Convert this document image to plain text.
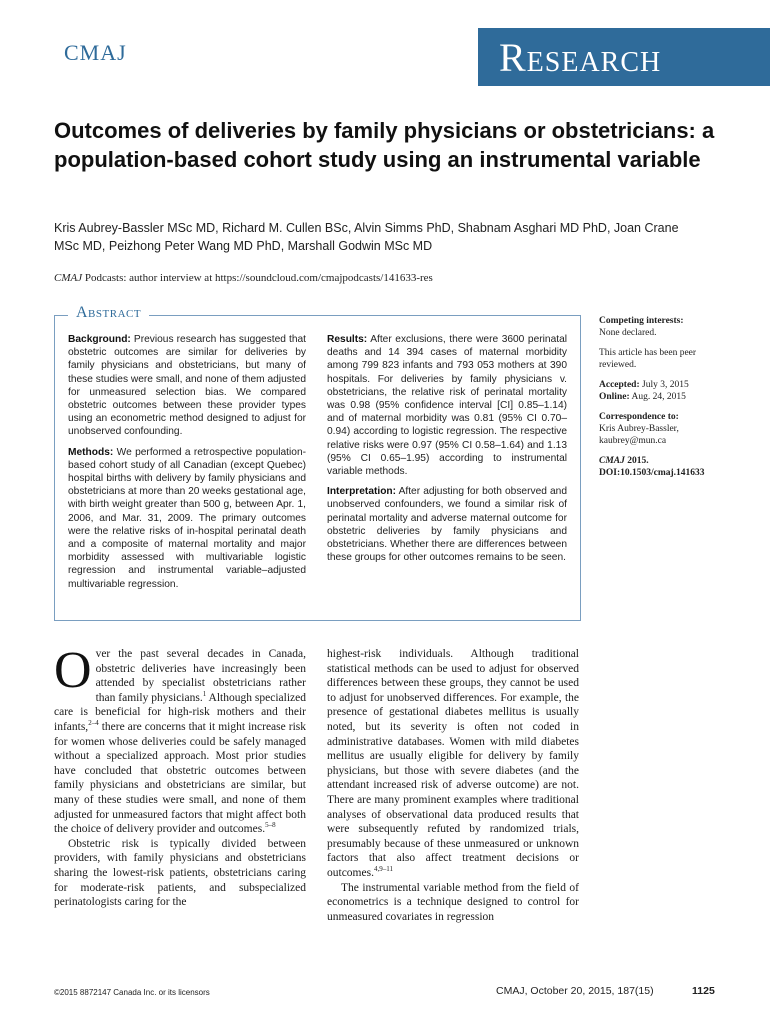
CMAJ	Research
Outcomes of deliveries by family physicians or obstetricians: a population-based cohort study using an instrumental variable

Kris Aubrey-Bassler MSc MD, Richard M. Cullen BSc, Alvin Simms PhD, Shabnam Asghari MD PhD, Joan Crane MSc MD, Peizhong Peter Wang MD PhD, Marshall Godwin MSc MD

CMAJ Podcasts: author interview at https://soundcloud.com/cmajpodcasts/141633-res
Abstract

Background: Previous research has suggested that obstetric outcomes are similar for deliveries by family physicians and obstetricians, but many of these studies were small, and none of them adjusted for unmeasured selection bias. We compared obstetric outcomes between these provider types using an econometric method designed to adjust for unobserved confounding.

Methods: We performed a retrospective population-based cohort study of all Canadian (except Quebec) hospital births with delivery by family physicians and obstetricians at more than 20 weeks gestational age, with birth weight greater than 500 g, between Apr. 1, 2006, and Mar. 31, 2009. The primary outcomes were the relative risks of in-hospital perinatal death and a composite of maternal mortality and major morbidity assessed with multivariable logistic regression and instrumental variable–adjusted multivariable regression.

Results: After exclusions, there were 3600 perinatal deaths and 14 394 cases of maternal morbidity among 799 823 infants and 793 053 mothers at 390 hospitals. For deliveries by family physicians v. obstetricians, the relative risk of perinatal mortality was 0.98 (95% confidence interval [CI] 0.85–1.14) and of maternal morbidity was 0.81 (95% CI 0.70–0.94) according to logistic regression. The respective relative risks were 0.97 (95% CI 0.58–1.64) and 1.13 (95% CI 0.65–1.95) according to instrumental variable methods.

Interpretation: After adjusting for both observed and unobserved confounders, we found a similar risk of perinatal mortality and adverse maternal outcome for obstetric deliveries by family physicians and obstetricians. Whether there are differences between these groups for other outcomes remains to be seen.

Competing interests:
None declared.

This article has been peer reviewed.

Accepted: July 3, 2015
Online: Aug. 24, 2015

Correspondence to:
Kris Aubrey-Bassler,
kaubrey@mun.ca

CMAJ 2015. DOI:10.1503/cmaj.141633

Over the past several decades in Canada, obstetric deliveries have increasingly been attended by specialist obstetricians rather than family physicians.$^1$ Although specialized care is beneficial for high-risk mothers and their infants,$^{2-4}$ there are concerns that it might increase risk for women whose deliveries could be safely managed without a specialized approach. Most prior studies have concluded that obstetric outcomes between family physicians and obstetricians are similar, but many of these studies were small, and none of them adjusted for unmeasured factors that might affect both the choice of delivery provider and outcomes.$^{5-8}$

Obstetric risk is typically divided between providers, with family physicians and obstetricians sharing the lowest-risk patients, obstetricians caring for moderate-risk patients, and subspecialized perinatologists caring for the

highest-risk individuals. Although traditional statistical methods can be used to adjust for observed differences between these groups, they cannot be used to adjust for unobserved differences. For example, the presence of gestational diabetes mellitus is usually noted, but its severity is often not coded in administrative databases. Women with mild diabetes mellitus are usually eligible for delivery by family physicians, but those with severe diabetes (and the attendant increased risk of adverse outcome) are not. There are many prominent examples where traditional analyses of observational data produced results that were subsequently refuted by randomized trials, presumably because of these unmeasured or unknown factors that also affect treatment decisions or outcomes.$^{4,9-11}$

The instrumental variable method from the field of econometrics is a technique designed to control for unmeasured covariates in regression

©2015 8872147 Canada Inc. or its licensors	CMAJ, October 20, 2015, 187(15)	1125
